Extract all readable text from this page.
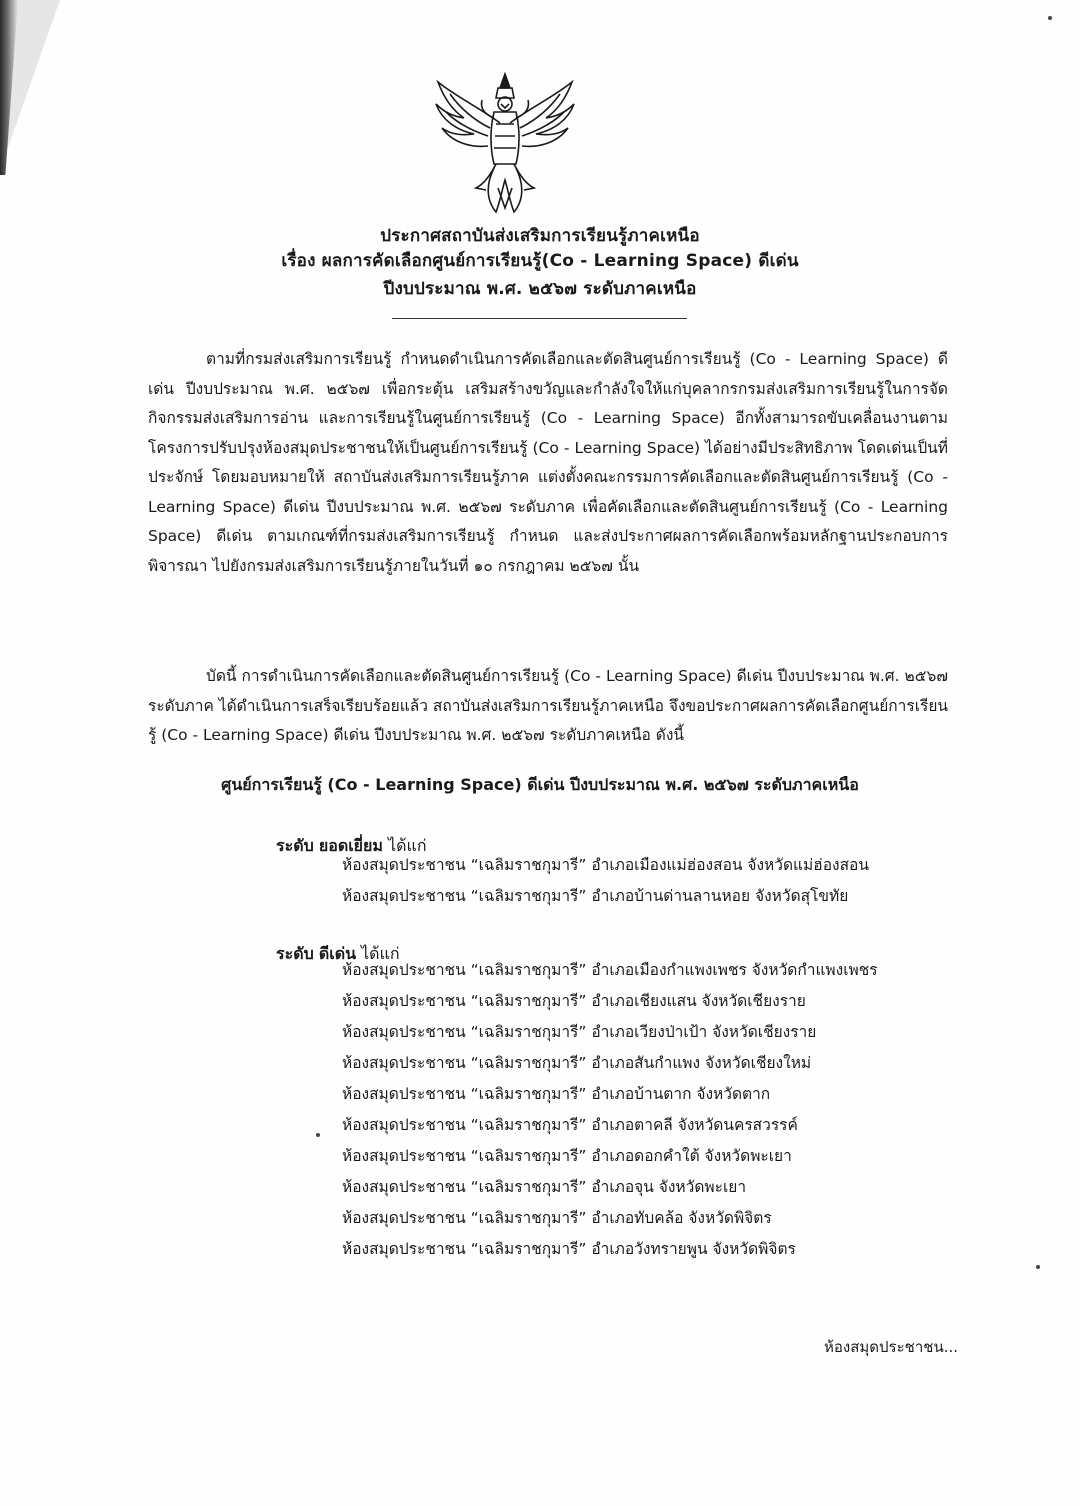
ประกาศสถาบันส่งเสริมการเรียนรู้ภาคเหนือ
เรื่อง ผลการคัดเลือกศูนย์การเรียนรู้(Co - Learning Space) ดีเด่น
ปีงบประมาณ พ.ศ. ๒๕๖๗ ระดับภาคเหนือ
ตามที่กรมส่งเสริมการเรียนรู้ กำหนดดำเนินการคัดเลือกและตัดสินศูนย์การเรียนรู้ (Co - Learning Space) ดีเด่น ปีงบประมาณ พ.ศ. ๒๕๖๗ เพื่อกระตุ้น เสริมสร้างขวัญและกำลังใจให้แก่บุคลากรกรมส่งเสริมการเรียนรู้ในการจัดกิจกรรมส่งเสริมการอ่าน และการเรียนรู้ในศูนย์การเรียนรู้ (Co - Learning Space) อีกทั้งสามารถขับเคลื่อนงานตามโครงการปรับปรุงห้องสมุดประชาชนให้เป็นศูนย์การเรียนรู้ (Co - Learning Space) ได้อย่างมีประสิทธิภาพ โดดเด่นเป็นที่ประจักษ์ โดยมอบหมายให้ สถาบันส่งเสริมการเรียนรู้ภาค แต่งตั้งคณะกรรมการคัดเลือกและตัดสินศูนย์การเรียนรู้ (Co - Learning Space) ดีเด่น ปีงบประมาณ พ.ศ. ๒๕๖๗ ระดับภาค เพื่อคัดเลือกและตัดสินศูนย์การเรียนรู้ (Co - Learning Space) ดีเด่น ตามเกณฑ์ที่กรมส่งเสริมการเรียนรู้ กำหนด และส่งประกาศผลการคัดเลือกพร้อมหลักฐานประกอบการพิจารณา ไปยังกรมส่งเสริมการเรียนรู้ภายในวันที่ ๑๐ กรกฎาคม ๒๕๖๗ นั้น
บัดนี้ การดำเนินการคัดเลือกและตัดสินศูนย์การเรียนรู้ (Co - Learning Space) ดีเด่น ปีงบประมาณ พ.ศ. ๒๕๖๗ ระดับภาค ได้ดำเนินการเสร็จเรียบร้อยแล้ว สถาบันส่งเสริมการเรียนรู้ภาคเหนือ จึงขอประกาศผลการคัดเลือกศูนย์การเรียนรู้ (Co - Learning Space) ดีเด่น ปีงบประมาณ พ.ศ. ๒๕๖๗ ระดับภาคเหนือ ดังนี้
ศูนย์การเรียนรู้ (Co - Learning Space) ดีเด่น ปีงบประมาณ พ.ศ. ๒๕๖๗ ระดับภาคเหนือ
ระดับ ยอดเยี่ยม ได้แก่
ห้องสมุดประชาชน “เฉลิมราชกุมารี” อำเภอเมืองแม่ฮ่องสอน จังหวัดแม่ฮ่องสอน
ห้องสมุดประชาชน “เฉลิมราชกุมารี” อำเภอบ้านด่านลานหอย จังหวัดสุโขทัย
ระดับ ดีเด่น ได้แก่
ห้องสมุดประชาชน “เฉลิมราชกุมารี” อำเภอเมืองกำแพงเพชร จังหวัดกำแพงเพชร
ห้องสมุดประชาชน “เฉลิมราชกุมารี” อำเภอเชียงแสน จังหวัดเชียงราย
ห้องสมุดประชาชน “เฉลิมราชกุมารี” อำเภอเวียงป่าเป้า จังหวัดเชียงราย
ห้องสมุดประชาชน “เฉลิมราชกุมารี” อำเภอสันกำแพง จังหวัดเชียงใหม่
ห้องสมุดประชาชน “เฉลิมราชกุมารี” อำเภอบ้านตาก จังหวัดตาก
ห้องสมุดประชาชน “เฉลิมราชกุมารี” อำเภอตาคลี จังหวัดนครสวรรค์
ห้องสมุดประชาชน “เฉลิมราชกุมารี” อำเภอดอกคำใต้ จังหวัดพะเยา
ห้องสมุดประชาชน “เฉลิมราชกุมารี” อำเภอจุน จังหวัดพะเยา
ห้องสมุดประชาชน “เฉลิมราชกุมารี” อำเภอทับคล้อ จังหวัดพิจิตร
ห้องสมุดประชาชน “เฉลิมราชกุมารี” อำเภอวังทรายพูน จังหวัดพิจิตร
ห้องสมุดประชาชน...
